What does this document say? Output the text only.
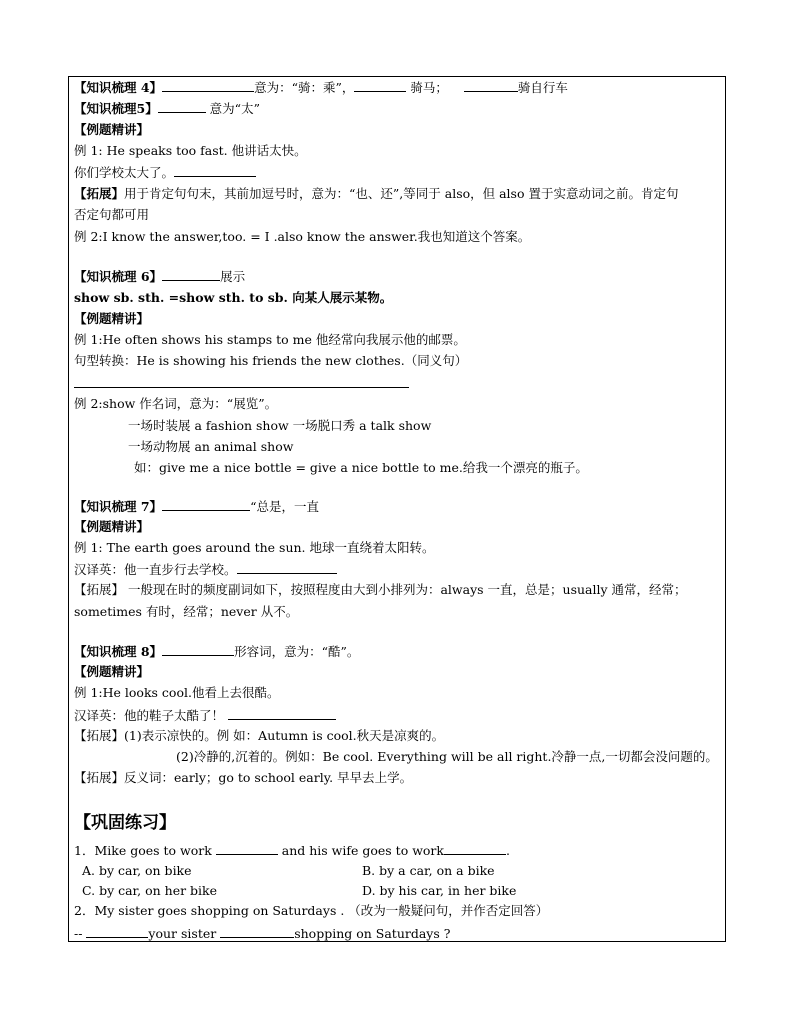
【知识梳理 4】	意为：“骑：乘”，	骑马；	骑自行车
【知识梳理5】	意为“太”
【例题精讲】
例 1: He speaks too fast. 他讲话太快。
你们学校太大了。
【拓展】用于肯定句句末，其前加逗号时，意为：“也、还”,等同于 also，但 also 置于实意动词之前。肯定句
否定句都可用
例 2:I know the answer,too. = I .also know the answer.我也知道这个答案。
【知识梳理 6】	展示
show sb. sth. =show sth. to sb. 向某人展示某物。
【例题精讲】
例 1:He often shows his stamps to me 他经常向我展示他的邮票。
句型转换：He is showing his friends the new clothes.（同义句）
例 2:show 作名词，意为：“展览”。
一场时装展 a fashion show 一场脱口秀 a talk show
一场动物展 an animal show
如：give me a nice bottle = give a nice bottle to me.给我一个漂亮的瓶子。
【知识梳理 7】	“总是，一直
【例题精讲】
例 1: The earth goes around the sun. 地球一直绕着太阳转。
汉译英：他一直步行去学校。
【拓展】 一般现在时的频度副词如下，按照程度由大到小排列为：always 一直，总是；usually 通常，经常；
sometimes 有时，经常；never 从不。
【知识梳理 8】	形容词，意为：“酷”。
【例题精讲】
例 1:He looks cool.他看上去很酷。
汉译英：他的鞋子太酷了！
【拓展】(1)表示凉快的。例 如：Autumn is cool.秋天是凉爽的。
(2)冷静的,沉着的。例如：Be cool. Everything will be all right.冷静一点,一切都会没问题的。
【拓展】反义词：early；go to school early. 早早去上学。
【巩固练习】
1．Mike goes to work	and his wife goes to work	.
A. by car, on bike	B. by a car, on a bike
C. by car, on her bike	D. by his car, in her bike
2．My sister goes shopping on Saturdays . （改为一般疑问句，并作否定回答）
--	your sister	shopping on Saturdays ?
